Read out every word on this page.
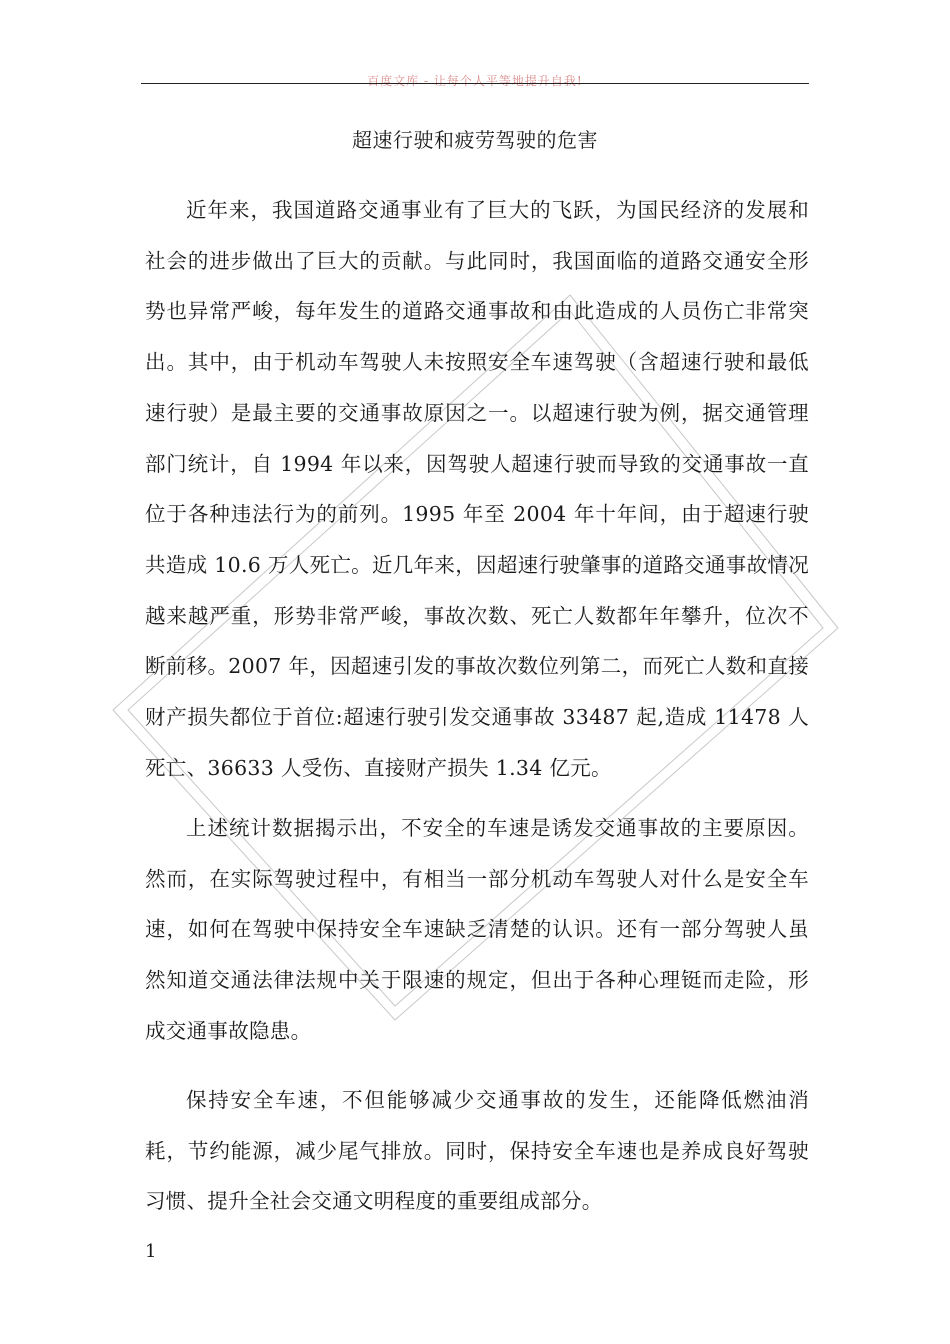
百度文库 - 让每个人平等地提升自我!
超速行驶和疲劳驾驶的危害

近年来，我国道路交通事业有了巨大的飞跃，为国民经济的发展和社会的进步做出了巨大的贡献。与此同时，我国面临的道路交通安全形势也异常严峻，每年发生的道路交通事故和由此造成的人员伤亡非常突出。其中，由于机动车驾驶人未按照安全车速驾驶（含超速行驶和最低速行驶）是最主要的交通事故原因之一。以超速行驶为例，据交通管理部门统计，自 1994 年以来，因驾驶人超速行驶而导致的交通事故一直位于各种违法行为的前列。1995 年至 2004 年十年间，由于超速行驶共造成 10.6 万人死亡。近几年来，因超速行驶肇事的道路交通事故情况越来越严重，形势非常严峻，事故次数、死亡人数都年年攀升，位次不断前移。2007 年，因超速引发的事故次数位列第二，而死亡人数和直接财产损失都位于首位:超速行驶引发交通事故 33487 起,造成 11478 人死亡、36633 人受伤、直接财产损失 1.34 亿元。

上述统计数据揭示出，不安全的车速是诱发交通事故的主要原因。然而，在实际驾驶过程中，有相当一部分机动车驾驶人对什么是安全车速，如何在驾驶中保持安全车速缺乏清楚的认识。还有一部分驾驶人虽然知道交通法律法规中关于限速的规定，但出于各种心理铤而走险，形成交通事故隐患。

保持安全车速，不但能够减少交通事故的发生，还能降低燃油消耗，节约能源，减少尾气排放。同时，保持安全车速也是养成良好驾驶习惯、提升全社会交通文明程度的重要组成部分。

1
